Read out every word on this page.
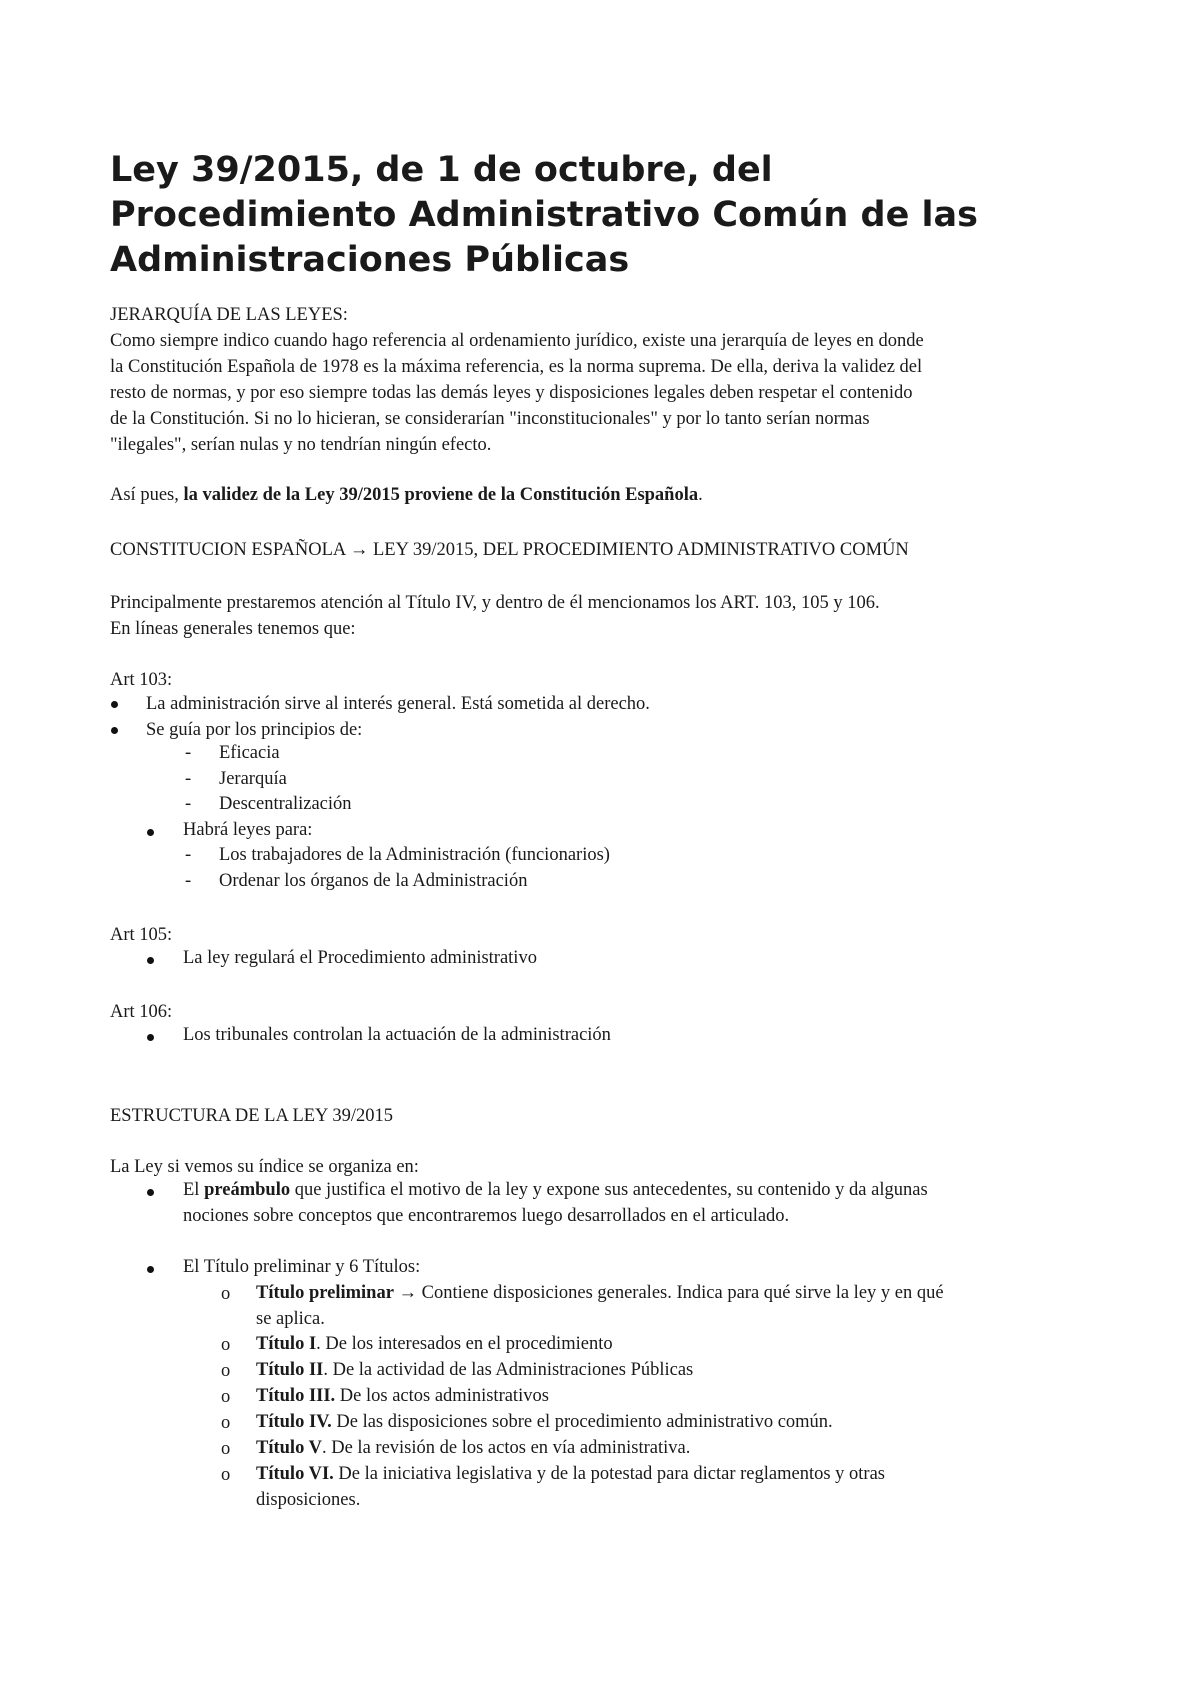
Ley 39/2015, de 1 de octubre, del
Procedimiento Administrativo Común de las
Administraciones Públicas
JERARQUÍA DE LAS LEYES:
Como siempre indico cuando hago referencia al ordenamiento jurídico, existe una jerarquía de leyes en donde
la Constitución Española de 1978 es la máxima referencia, es la norma suprema. De ella, deriva la validez del
resto de normas, y por eso siempre todas las demás leyes y disposiciones legales deben respetar el contenido
de la Constitución. Si no lo hicieran, se considerarían "inconstitucionales" y por lo tanto serían normas
"ilegales", serían nulas y no tendrían ningún efecto.
Así pues, la validez de la Ley 39/2015 proviene de la Constitución Española.
CONSTITUCION ESPAÑOLA → LEY 39/2015, DEL PROCEDIMIENTO ADMINISTRATIVO COMÚN
Principalmente prestaremos atención al Título IV, y dentro de él mencionamos los ART. 103, 105 y 106.
En líneas generales tenemos que:
Art 103:
La administración sirve al interés general. Está sometida al derecho.
Se guía por los principios de:
- Eficacia
- Jerarquía
- Descentralización
Habrá leyes para:
- Los trabajadores de la Administración (funcionarios)
- Ordenar los órganos de la Administración
Art 105:
La ley regulará el Procedimiento administrativo
Art 106:
Los tribunales controlan la actuación de la administración
ESTRUCTURA DE LA LEY 39/2015
La Ley si vemos su índice se organiza en:
El preámbulo que justifica el motivo de la ley y expone sus antecedentes, su contenido y da algunas
nociones sobre conceptos que encontraremos luego desarrollados en el articulado.
El Título preliminar y 6 Títulos:
o Título preliminar → Contiene disposiciones generales. Indica para qué sirve la ley y en qué
se aplica.
o Título I. De los interesados en el procedimiento
o Título II. De la actividad de las Administraciones Públicas
o Título III. De los actos administrativos
o Título IV. De las disposiciones sobre el procedimiento administrativo común.
o Título V. De la revisión de los actos en vía administrativa.
o Título VI. De la iniciativa legislativa y de la potestad para dictar reglamentos y otras
disposiciones.
